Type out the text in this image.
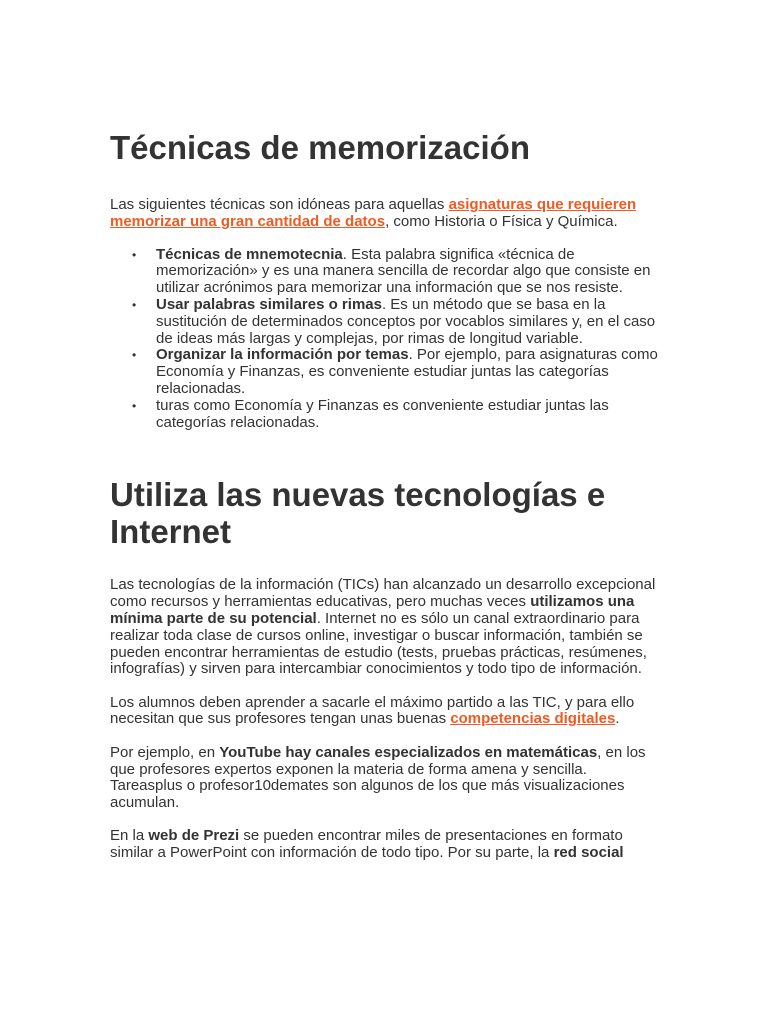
Técnicas de memorización

Las siguientes técnicas son idóneas para aquellas asignaturas que requieren memorizar una gran cantidad de datos, como Historia o Física y Química.

• Técnicas de mnemotecnia. Esta palabra significa «técnica de memorización» y es una manera sencilla de recordar algo que consiste en utilizar acrónimos para memorizar una información que se nos resiste.
• Usar palabras similares o rimas. Es un método que se basa en la sustitución de determinados conceptos por vocablos similares y, en el caso de ideas más largas y complejas, por rimas de longitud variable.
• Organizar la información por temas. Por ejemplo, para asignaturas como Economía y Finanzas, es conveniente estudiar juntas las categorías relacionadas.
• turas como Economía y Finanzas es conveniente estudiar juntas las categorías relacionadas.
Utiliza las nuevas tecnologías e Internet

Las tecnologías de la información (TICs) han alcanzado un desarrollo excepcional como recursos y herramientas educativas, pero muchas veces utilizamos una mínima parte de su potencial. Internet no es sólo un canal extraordinario para realizar toda clase de cursos online, investigar o buscar información, también se pueden encontrar herramientas de estudio (tests, pruebas prácticas, resúmenes, infografías) y sirven para intercambiar conocimientos y todo tipo de información.

Los alumnos deben aprender a sacarle el máximo partido a las TIC, y para ello necesitan que sus profesores tengan unas buenas competencias digitales.

Por ejemplo, en YouTube hay canales especializados en matemáticas, en los que profesores expertos exponen la materia de forma amena y sencilla. Tareasplus o profesor10demates son algunos de los que más visualizaciones acumulan.

En la web de Prezi se pueden encontrar miles de presentaciones en formato similar a PowerPoint con información de todo tipo. Por su parte, la red social
